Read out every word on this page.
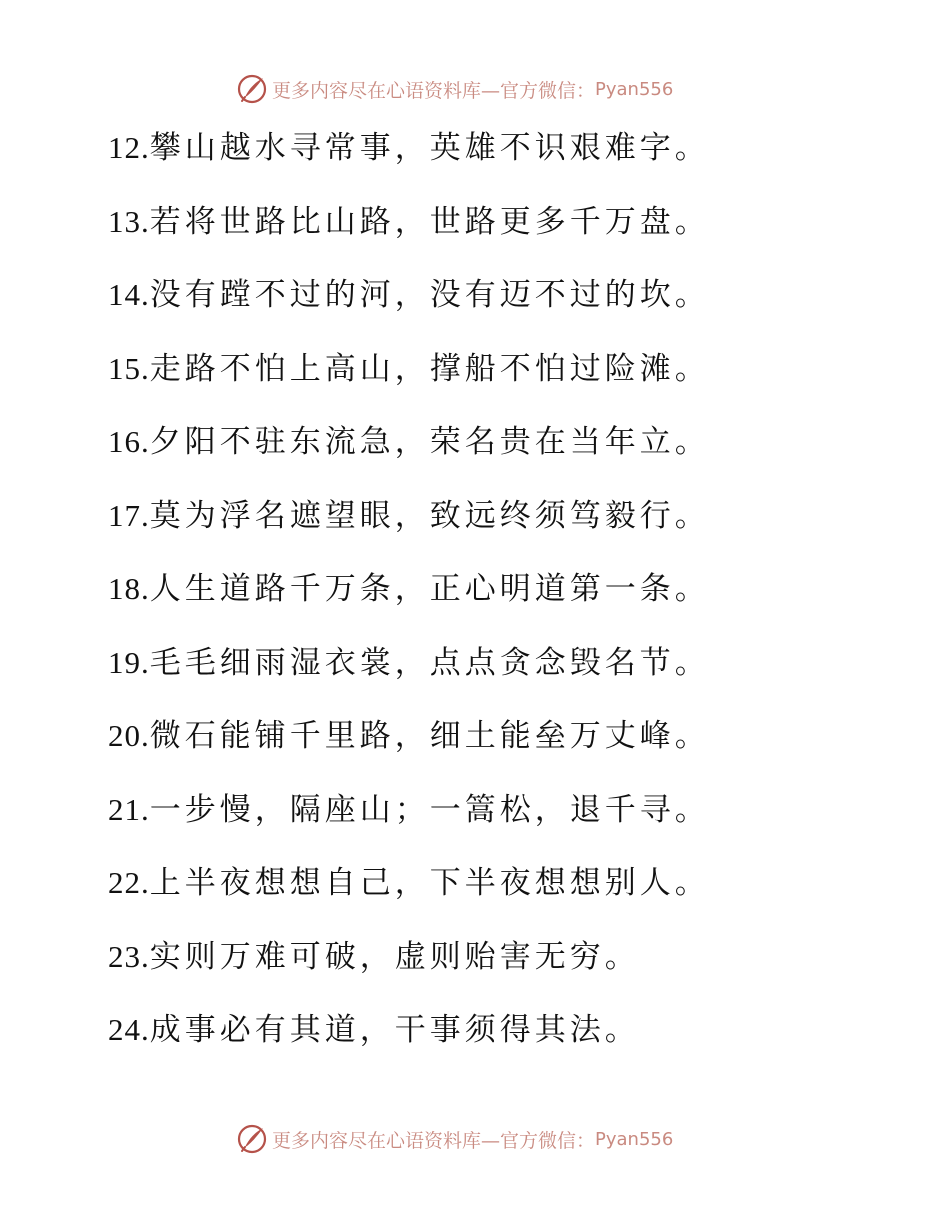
更多内容尽在心语资料库—官方微信： Pyan556
12.攀山越水寻常事，英雄不识艰难字。
13.若将世路比山路，世路更多千万盘。
14.没有蹚不过的河，没有迈不过的坎。
15.走路不怕上高山，撑船不怕过险滩。
16.夕阳不驻东流急，荣名贵在当年立。
17.莫为浮名遮望眼，致远终须笃毅行。
18.人生道路千万条，正心明道第一条。
19.毛毛细雨湿衣裳，点点贪念毁名节。
20.微石能铺千里路，细土能垒万丈峰。
21.一步慢，隔座山；一篙松，退千寻。
22.上半夜想想自己，下半夜想想别人。
23.实则万难可破，虚则贻害无穷。
24.成事必有其道，干事须得其法。
更多内容尽在心语资料库—官方微信： Pyan556
